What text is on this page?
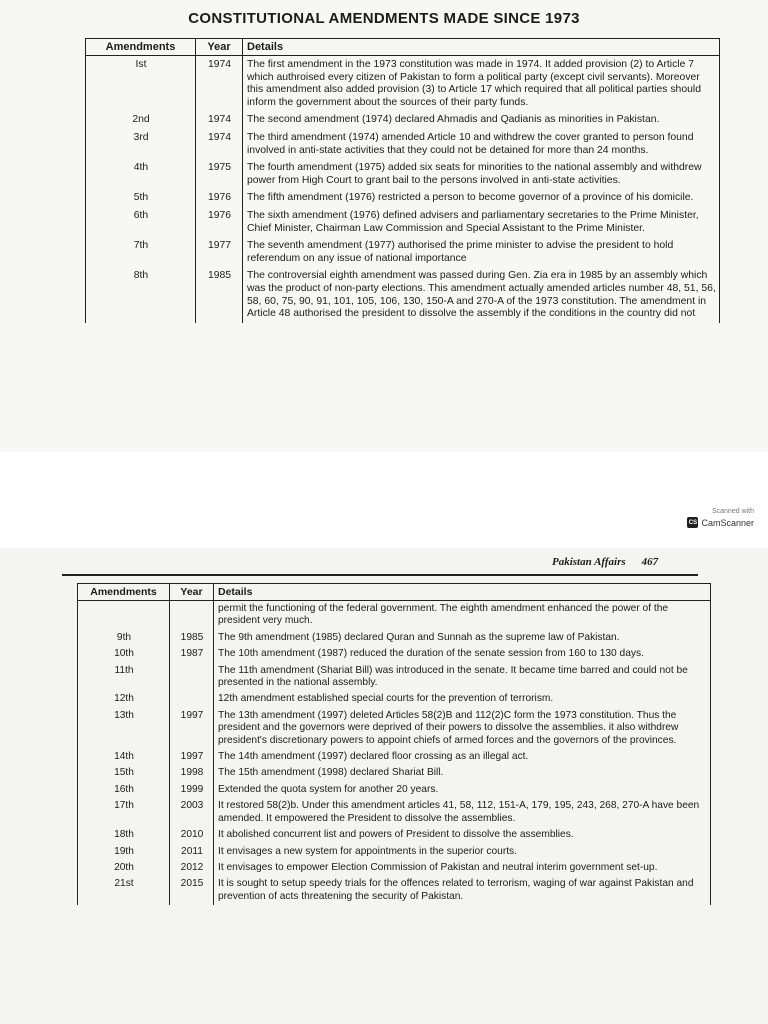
CONSTITUTIONAL AMENDMENTS MADE SINCE 1973
Amendments	Year	Details
Ist	1974	The first amendment in the 1973 constitution was made in 1974. It added provision (2) to Article 7 which authroised every citizen of Pakistan to form a political party (except civil servants). Moreover this amendment also added provision (3) to Article 17 which required that all political parties should inform the government about the sources of their party funds.
2nd	1974	The second amendment (1974) declared Ahmadis and Qadianis as minorities in Pakistan.
3rd	1974	The third amendment (1974) amended Article 10 and withdrew the cover granted to person found involved in anti-state activities that they could not be detained for more than 24 months.
4th	1975	The fourth amendment (1975) added six seats for minorities to the national assembly and withdrew power from High Court to grant bail to the persons involved in anti-state activities.
5th	1976	The fifth amendment (1976) restricted a person to become governor of a province of his domicile.
6th	1976	The sixth amendment (1976) defined advisers and parliamentary secretaries to the Prime Minister, Chief Minister, Chairman Law Commission and Special Assistant to the Prime Minister.
7th	1977	The seventh amendment (1977) authorised the prime minister to advise the president to hold referendum on any issue of national importance
8th	1985	The controversial eighth amendment was passed during Gen. Zia era in 1985 by an assembly which was the product of non-party elections. This amendment actually amended articles number 48, 51, 56, 58, 60, 75, 90, 91, 101, 105, 106, 130, 150-A and 270-A of the 1973 constitution. The amendment in Article 48 authorised the president to dissolve the assembly if the conditions in the country did not
Scanned with
CS CamScanner
Pakistan Affairs 467
Amendments	Year	Details
		permit the functioning of the federal government. The eighth amendment enhanced the power of the president very much.
9th	1985	The 9th amendment (1985) declared Quran and Sunnah as the supreme law of Pakistan.
10th	1987	The 10th amendment (1987) reduced the duration of the senate session from 160 to 130 days.
11th		The 11th amendment (Shariat Bill) was introduced in the senate. It became time barred and could not be presented in the national assembly.
12th		12th amendment established special courts for the prevention of terrorism.
13th	1997	The 13th amendment (1997) deleted Articles 58(2)B and 112(2)C form the 1973 constitution. Thus the president and the governors were deprived of their powers to dissolve the assemblies. it also withdrew president's discretionary powers to appoint chiefs of armed forces and the governors of the provinces.
14th	1997	The 14th amendment (1997) declared floor crossing as an illegal act.
15th	1998	The 15th amendment (1998) declared Shariat Bill.
16th	1999	Extended the quota system for another 20 years.
17th	2003	It restored 58(2)b. Under this amendment articles 41, 58, 112, 151-A, 179, 195, 243, 268, 270-A have been amended. It empowered the President to dissolve the assemblies.
18th	2010	It abolished concurrent list and powers of President to dissolve the assemblies.
19th	2011	It envisages a new system for appointments in the superior courts.
20th	2012	It envisages to empower Election Commission of Pakistan and neutral interim government set-up.
21st	2015	It is sought to setup speedy trials for the offences related to terrorism, waging of war against Pakistan and prevention of acts threatening the security of Pakistan.
